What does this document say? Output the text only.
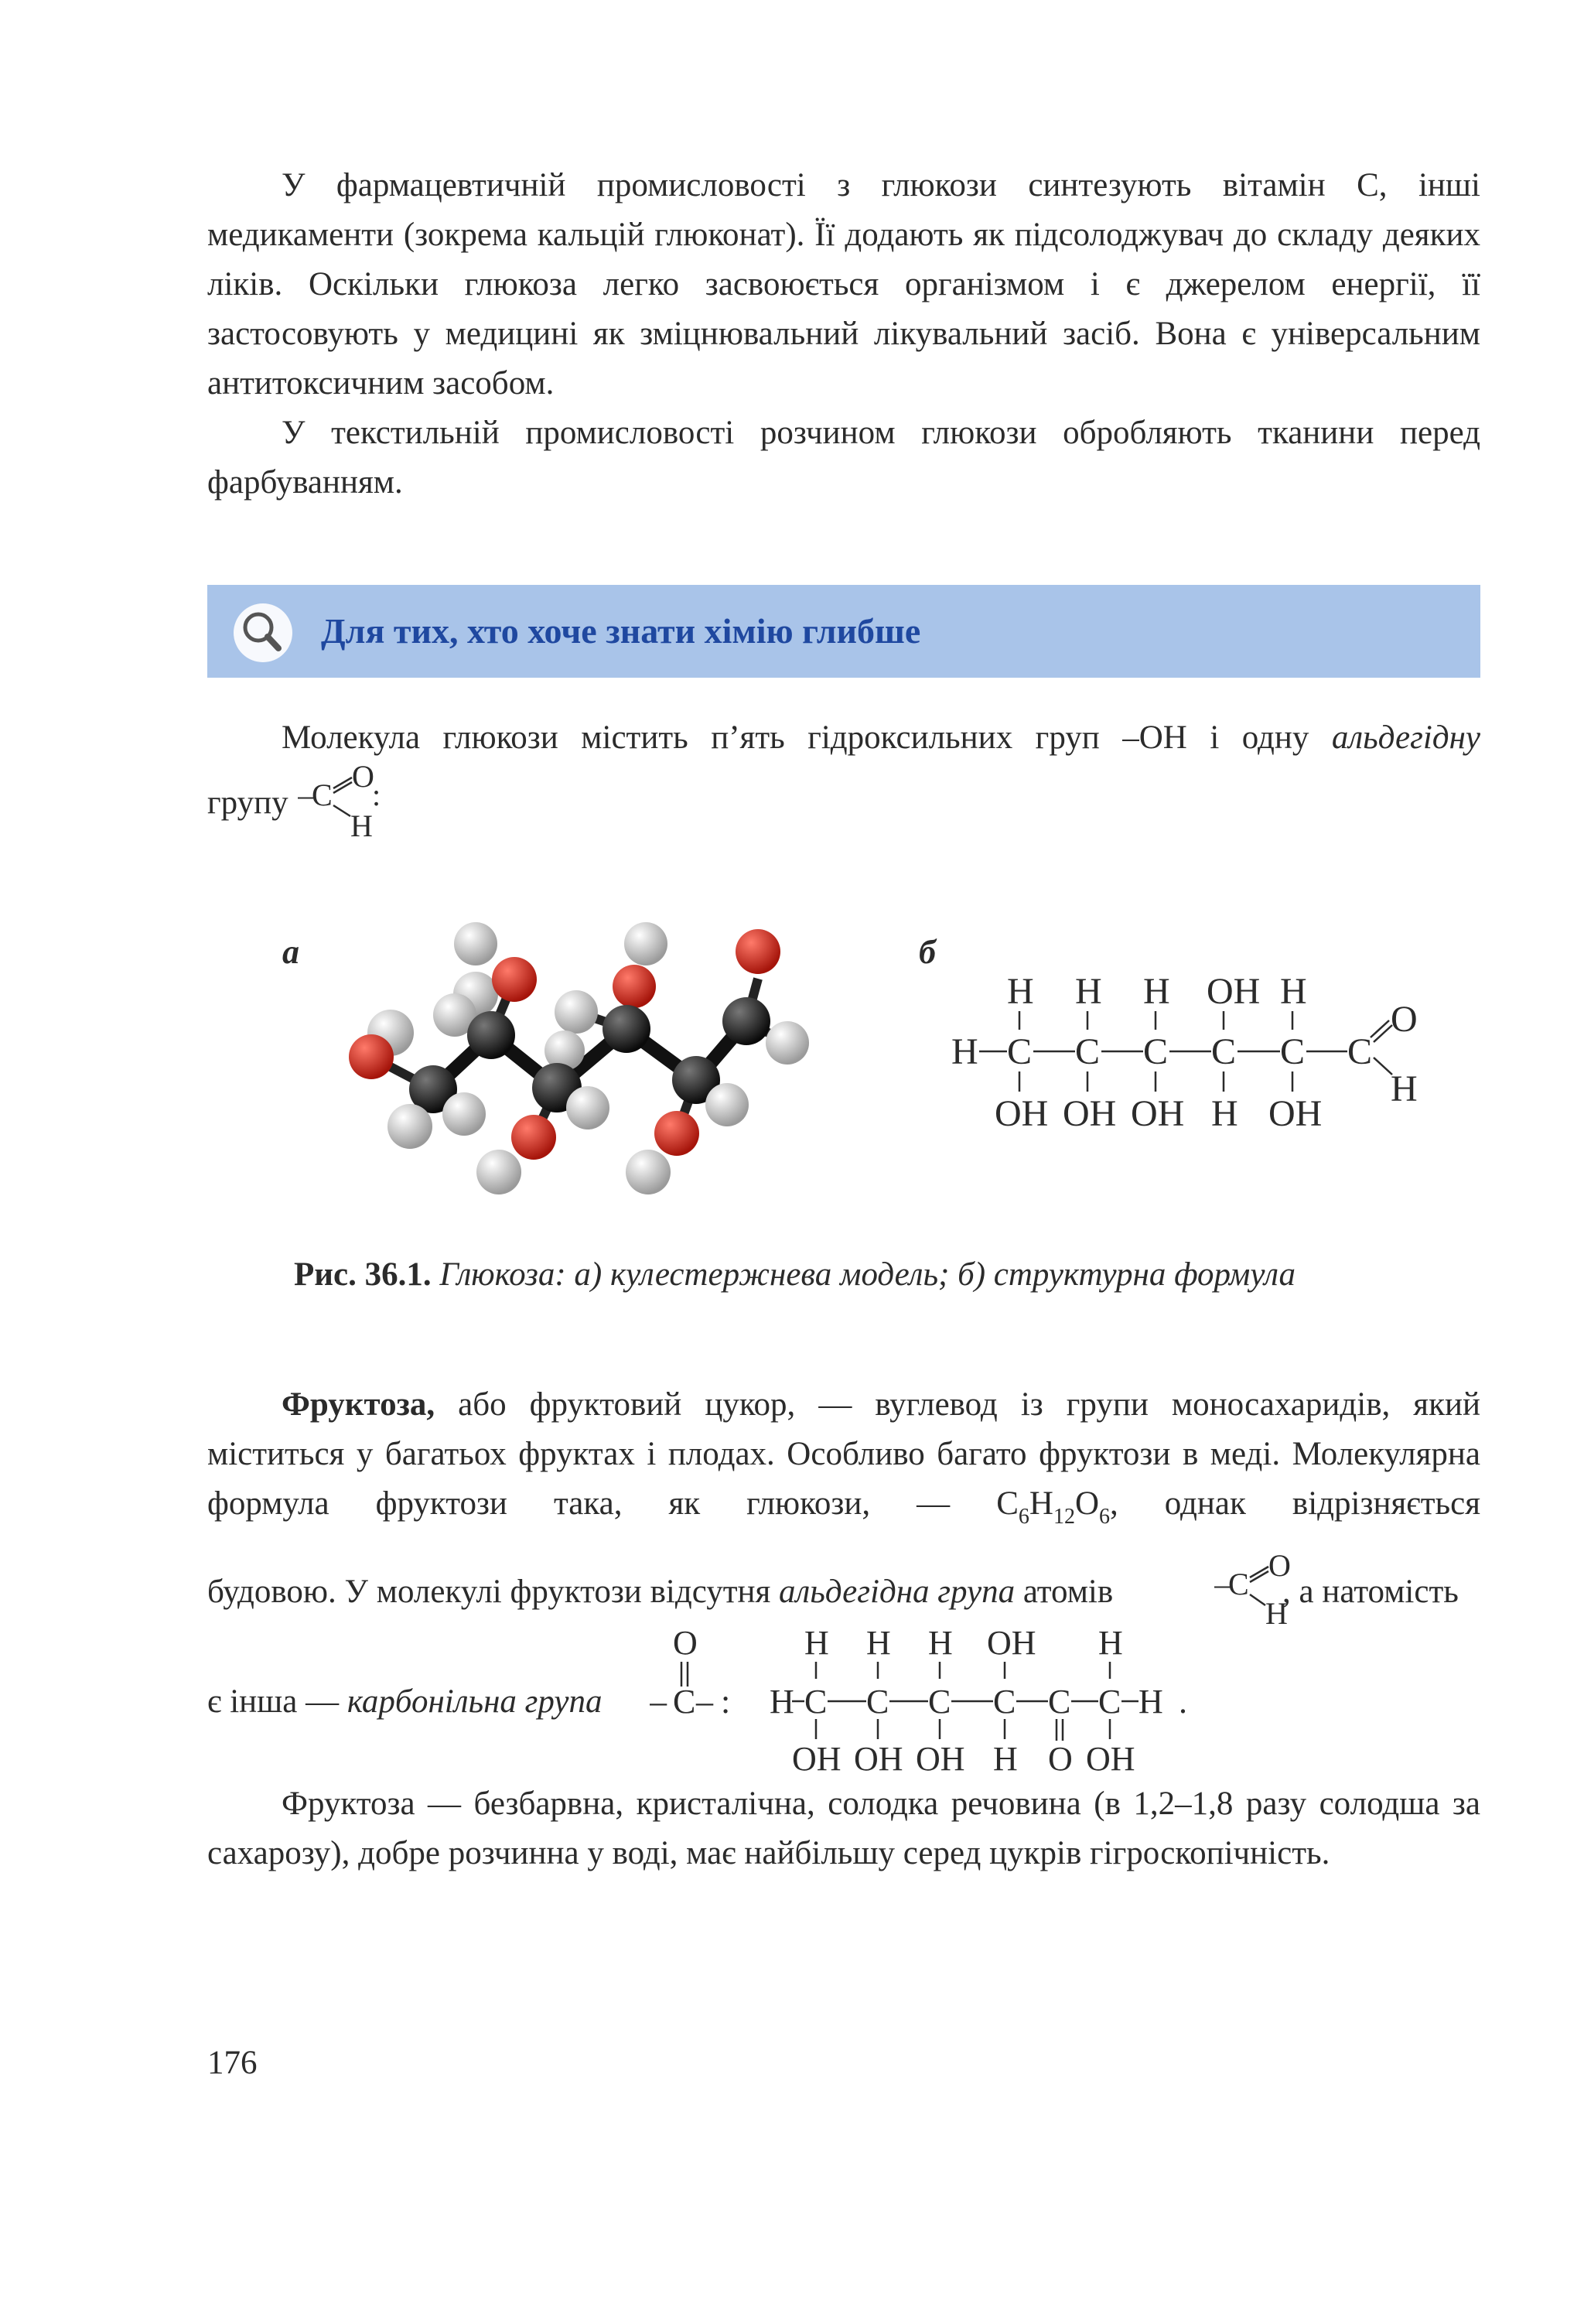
У фармацевтичній промисловості з глюкози синтезують вітамін С, інші медикаменти (зокрема кальцій глюконат). Її додають як підсолоджувач до складу деяких ліків. Оскільки глюкоза легко засвоюється організмом і є джерелом енергії, її застосовують у медицині як зміцнювальний лікувальний засіб. Вона є універсальним антитоксичним засобом.

У текстильній промисловості розчином глюкози обробляють тканини перед фарбуванням.

Для тих, хто хоче знати хімію глибше

Молекула глюкози містить п’ять гідроксильних груп –ОН і одну альдегідну

групу –
C
O
H
:
а	б
H H H OH H
H C C C C C C
O
H
OH OH OH H OH
Рис. 36.1. Глюкоза: а) кулестержнева модель; б) структурна формула

Фруктоза, або фруктовий цукор, — вуглевод із групи моносахаридів, який міститься у багатьох фруктах і плодах. Особливо багато фруктози в меді. Молекулярна формула фруктози така, як глюкози, — $C_6H_{12}O_6$, однак відрізняється

будовою. У молекулі фруктози відсутня альдегідна група атомів	–
C
O
H
, а натомість
є інша — карбонільна група
O
– C – : H
H H H OH H
C C C C C C H .
OH OH OH H O OH

Фруктоза — безбарвна, кристалічна, солодка речовина (в 1,2–1,8 разу солодша за сахарозу), добре розчинна у воді, має найбільшу серед цукрів гігроскопічність.

176
